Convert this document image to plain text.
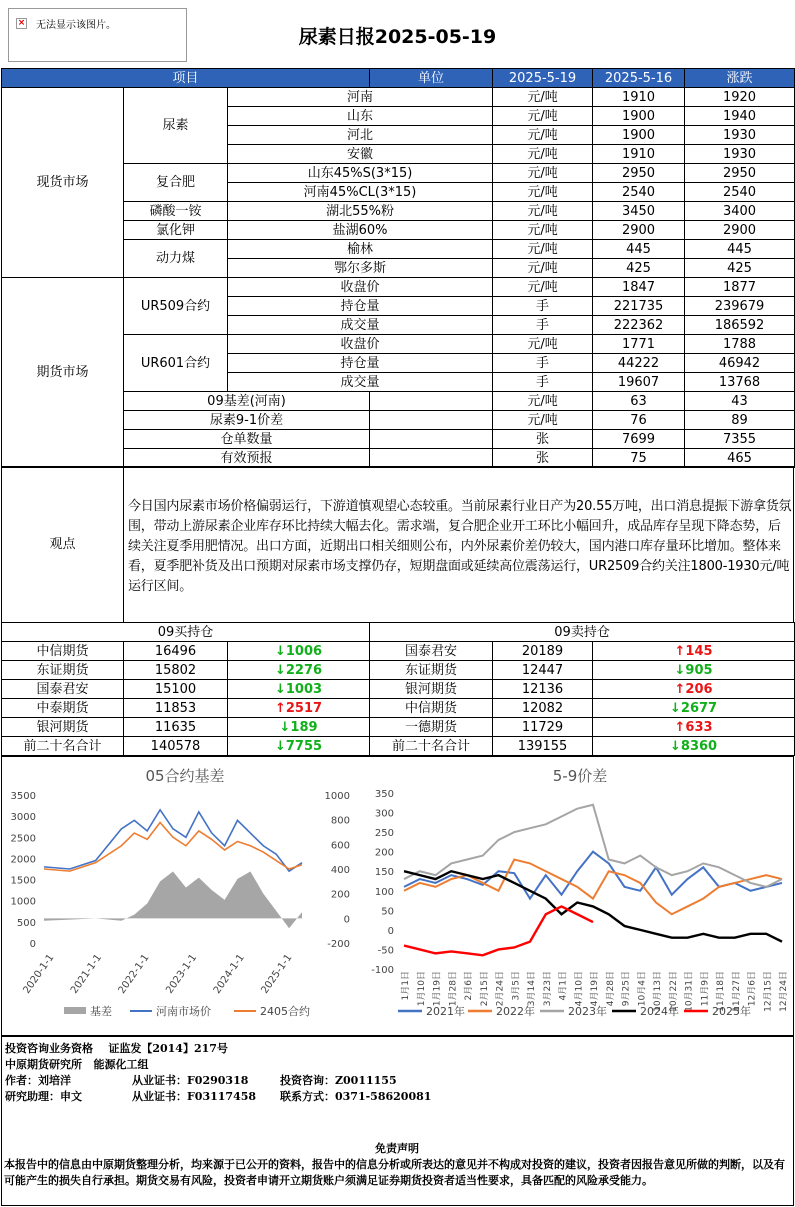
× 无法显示该图片。
尿素日报2025-05-19
项目			单位	2025-5-19	2025-5-16	涨跌	
现货市场	尿素	河南		元/吨	1910	1920	
		山东		元/吨	1900	1940	
		河北		元/吨	1900	1930	
		安徽		元/吨	1910	1930	
	复合肥	山东45%S(3*15)		元/吨	2950	2950	
		河南45%CL(3*15)		元/吨	2540	2540	
	磷酸一铵	湖北55%粉		元/吨	3450	3400	
	氯化钾	盐湖60%		元/吨	2900	2900	
	动力煤	榆林		元/吨	445	445	
		鄂尔多斯		元/吨	425	425	
期货市场	UR509合约	收盘价		元/吨	1847	1877	
		持仓量		手	221735	239679	
		成交量		手	222362	186592	
	UR601合约	收盘价		元/吨	1771	1788	
		持仓量		手	44222	46942	
		成交量		手	19607	13768	
	09基差(河南)			元/吨	63	43	
	尿素9-1价差			元/吨	76	89	
	仓单数量			张	7699	7355	
	有效预报			张	75	465	
观点
今日国内尿素市场价格偏弱运行，下游道慎观望心态较重。当前尿素行业日产为20.55万吨，出口消息提振下游拿货氛围，带动上游尿素企业库存环比持续大幅去化。需求端，复合肥企业开工环比小幅回升，成品库存呈现下降态势，后续关注夏季用肥情况。出口方面，近期出口相关细则公布，内外尿素价差仍较大，国内港口库存量环比增加。整体来看，夏季肥补货及出口预期对尿素市场支撑仍存，短期盘面或延续高位震荡运行，UR2509合约关注1800-1930元/吨运行区间。
09买持仓			09卖持仓		
中信期货	16496	↓1006	国泰君安	20189	↑145
东证期货	15802	↓2276	东证期货	12447	↓905
国泰君安	15100	↓1003	银河期货	12136	↑206
中泰期货	11853	↑2517	中信期货	12082	↓2677
银河期货	11635	↓189	一德期货	11729	↑633
前二十名合计	140578	↓7755	前二十名合计	139155	↓8360
05合约基差
3500
3000
2500
2000
1500
1000
500
0
1000
800
600
400
200
0
-200
2020-1-1 2021-1-1 2022-1-1 2023-1-1 2024-1-1 2025-1-1
基差	河南市场价	2405合约
5-9价差
350
300
250
200
150
100
50
0
-50
-100
1月1日 1月10日 1月19日 1月28日 2月6日 2月15日 2月24日 3月5日 3月14日 3月23日 4月1日 4月10日 4月19日 4月28日 9月25日 10月4日 10月13日 10月22日 10月31日 11月9日 11月18日 11月27日 12月6日 12月15日 12月24日
2021年	2022年	2023年	2024年	2025年
投资咨询业务资格 证监发【2014】217号
中原期货研究所 能源化工组
作者：刘培洋	从业证书：F0290318	投资咨询：Z0011155
研究助理：申文	从业证书：F03117458 联系方式：0371-58620081
免责声明
本报告中的信息由中原期货整理分析，均来源于已公开的资料，报告中的信息分析或所表达的意见并不构成对投资的建议，投资者因报告意见所做的判断，以及有可能产生的损失自行承担。期货交易有风险，投资者申请开立期货账户须满足证券期货投资者适当性要求，具备匹配的风险承受能力。
